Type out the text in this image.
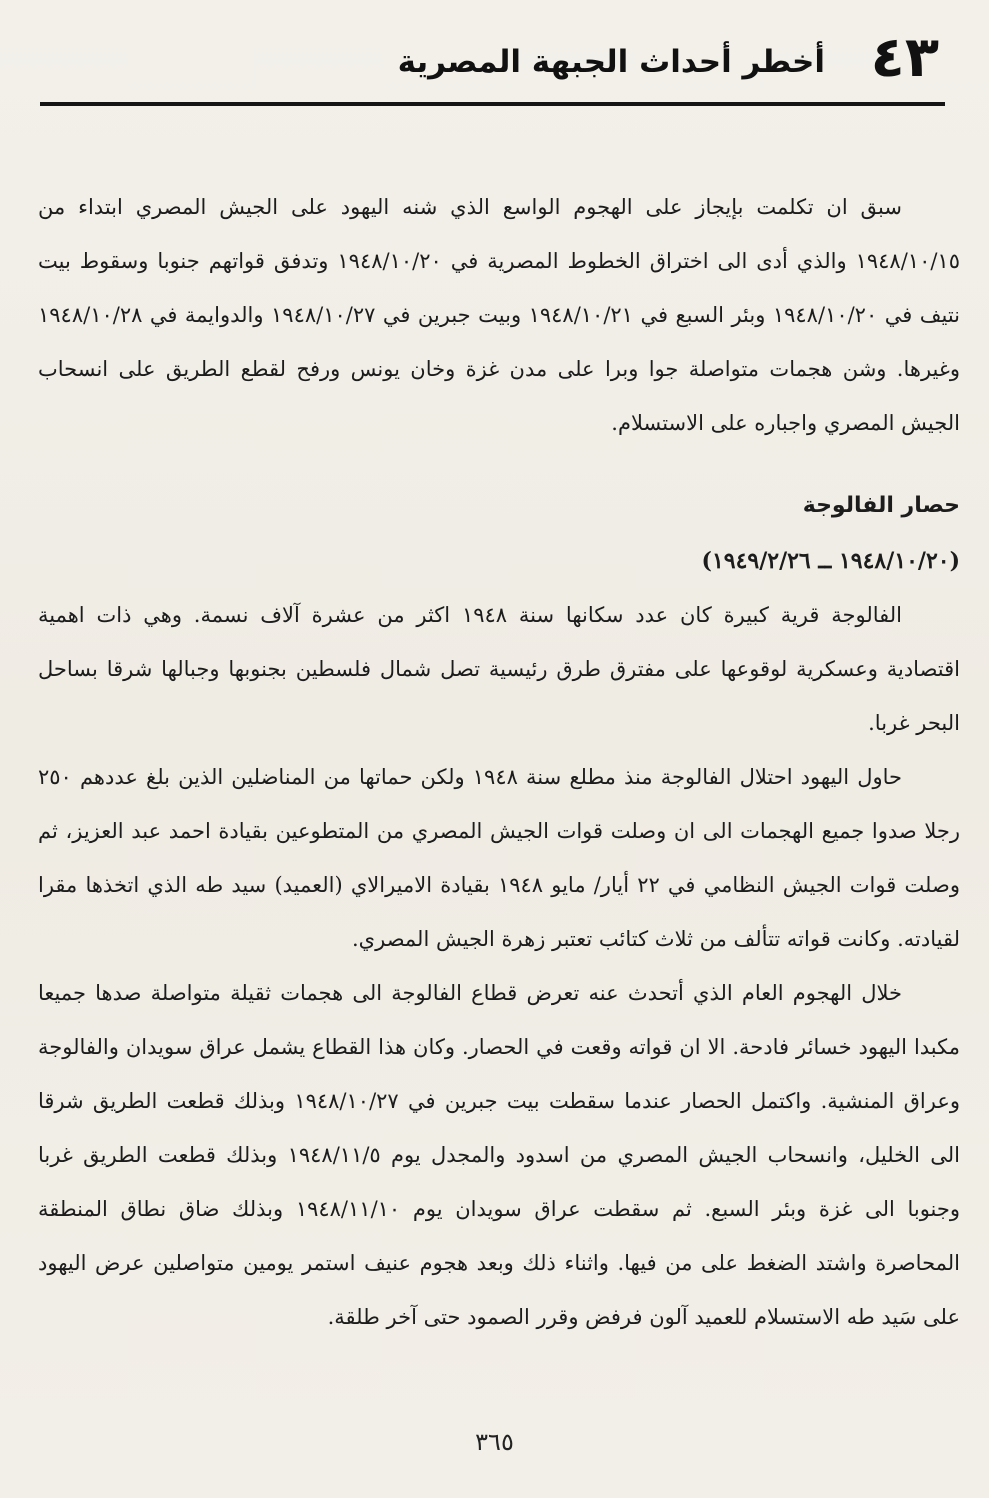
٤٣
أخطر أحداث الجبهة المصرية

سبق ان تكلمت بإيجاز على الهجوم الواسع الذي شنه اليهود على الجيش المصري ابتداء من ١٩٤٨/١٠/١٥ والذي أدى الى اختراق الخطوط المصرية في ١٩٤٨/١٠/٢٠ وتدفق قواتهم جنوبا وسقوط بيت نتيف في ١٩٤٨/١٠/٢٠ وبئر السبع في ١٩٤٨/١٠/٢١ وبيت جبرين في ١٩٤٨/١٠/٢٧ والدوايمة في ١٩٤٨/١٠/٢٨ وغيرها. وشن هجمات متواصلة جوا وبرا على مدن غزة وخان يونس ورفح لقطع الطريق على انسحاب الجيش المصري واجباره على الاستسلام.

حصار الفالوجة

(١٩٤٨/١٠/٢٠ ــ ١٩٤٩/٢/٢٦)

الفالوجة قرية كبيرة كان عدد سكانها سنة ١٩٤٨ اكثر من عشرة آلاف نسمة. وهي ذات اهمية اقتصادية وعسكرية لوقوعها على مفترق طرق رئيسية تصل شمال فلسطين بجنوبها وجبالها شرقا بساحل البحر غربا.

حاول اليهود احتلال الفالوجة منذ مطلع سنة ١٩٤٨ ولكن حماتها من المناضلين الذين بلغ عددهم ٢٥٠ رجلا صدوا جميع الهجمات الى ان وصلت قوات الجيش المصري من المتطوعين بقيادة احمد عبد العزيز، ثم وصلت قوات الجيش النظامي في ٢٢ أيار/ مايو ١٩٤٨ بقيادة الاميرالاي (العميد) سيد طه الذي اتخذها مقرا لقيادته. وكانت قواته تتألف من ثلاث كتائب تعتبر زهرة الجيش المصري.

خلال الهجوم العام الذي أتحدث عنه تعرض قطاع الفالوجة الى هجمات ثقيلة متواصلة صدها جميعا مكبدا اليهود خسائر فادحة. الا ان قواته وقعت في الحصار. وكان هذا القطاع يشمل عراق سويدان والفالوجة وعراق المنشية. واكتمل الحصار عندما سقطت بيت جبرين في ١٩٤٨/١٠/٢٧ وبذلك قطعت الطريق شرقا الى الخليل، وانسحاب الجيش المصري من اسدود والمجدل يوم ١٩٤٨/١١/٥ وبذلك قطعت الطريق غربا وجنوبا الى غزة وبئر السبع. ثم سقطت عراق سويدان يوم ١٩٤٨/١١/١٠ وبذلك ضاق نطاق المنطقة المحاصرة واشتد الضغط على من فيها. واثناء ذلك وبعد هجوم عنيف استمر يومين متواصلين عرض اليهود على سَيد طه الاستسلام للعميد آلون فرفض وقرر الصمود حتى آخر طلقة.

٣٦٥
